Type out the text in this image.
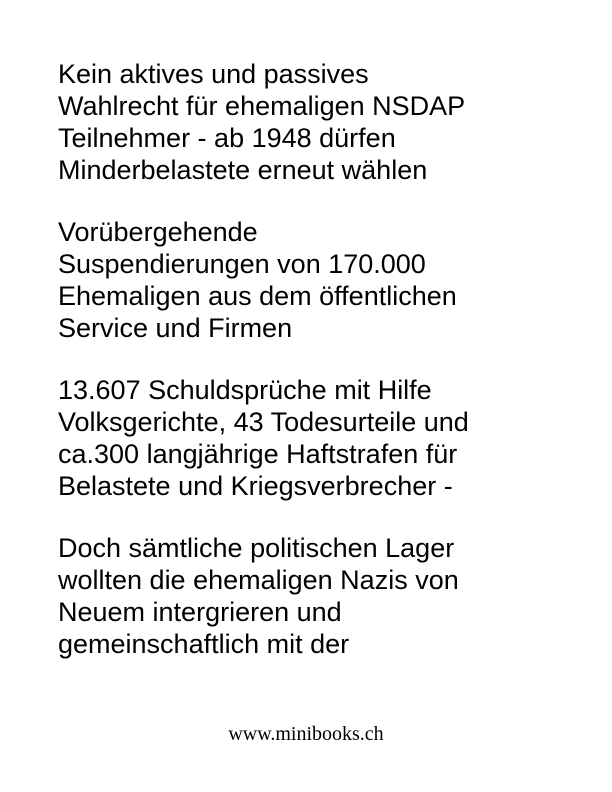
Kein aktives und passives
Wahlrecht für ehemaligen NSDAP
Teilnehmer - ab 1948 dürfen
Minderbelastete erneut wählen
Vorübergehende
Suspendierungen von 170.000
Ehemaligen aus dem öffentlichen
Service und Firmen
13.607 Schuldsprüche mit Hilfe
Volksgerichte, 43 Todesurteile und
ca.300 langjährige Haftstrafen für
Belastete und Kriegsverbrecher -
Doch sämtliche politischen Lager
wollten die ehemaligen Nazis von
Neuem intergrieren und
gemeinschaftlich mit der
www.minibooks.ch
